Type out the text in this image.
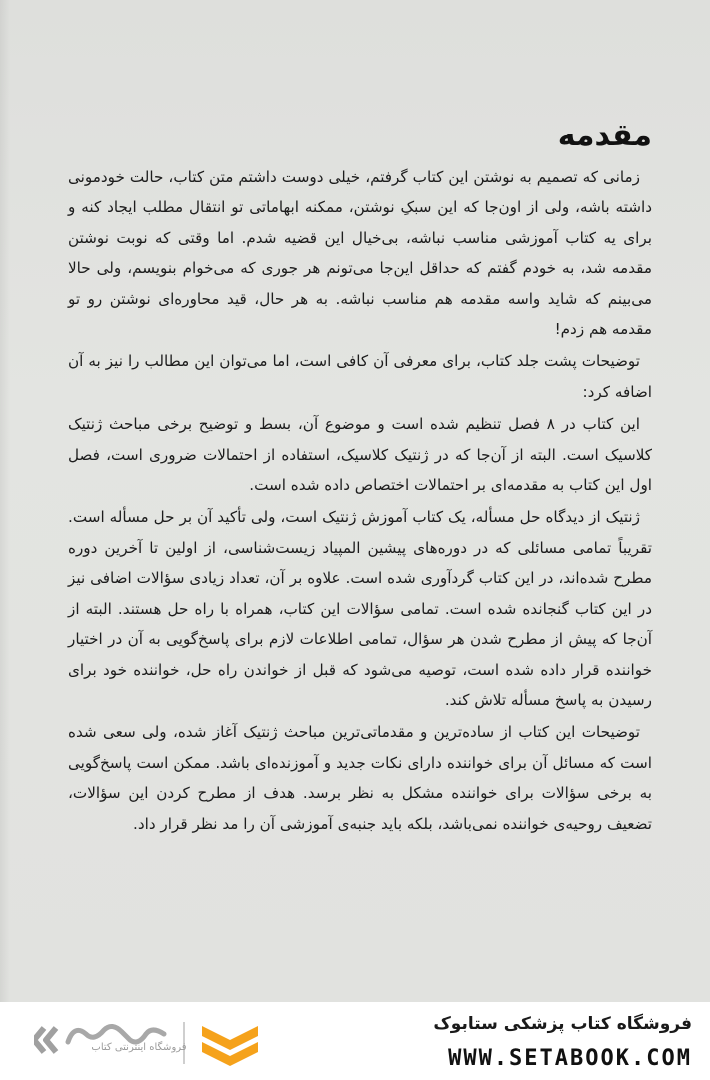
مقدمه

زمانی که تصمیم به نوشتن این کتاب گرفتم، خیلی دوست داشتم متن کتاب، حالت خودمونی داشته باشه، ولی از اون‌جا که این سبکِ نوشتن، ممکنه ابهاماتی تو انتقال مطلب ایجاد کنه و برای یه کتاب آموزشی مناسب نباشه، بی‌خیال این قضیه شدم. اما وقتی که نوبت نوشتن مقدمه شد، به خودم گفتم که حداقل این‌جا می‌تونم هر جوری که می‌خوام بنویسم، ولی حالا می‌بینم که شاید واسه مقدمه هم مناسب نباشه. به هر حال، قید محاوره‌ای نوشتن رو تو مقدمه هم زدم!

توضیحات پشت جلد کتاب، برای معرفی آن کافی است، اما می‌توان این مطالب را نیز به آن اضافه کرد:

این کتاب در ۸ فصل تنظیم شده است و موضوع آن، بسط و توضیح برخی مباحث ژنتیک کلاسیک است. البته از آن‌جا که در ژنتیک کلاسیک، استفاده از احتمالات ضروری است، فصل اول این کتاب به مقدمه‌ای بر احتمالات اختصاص داده شده است.

ژنتیک از دیدگاه حل مسأله، یک کتاب آموزش ژنتیک است، ولی تأکید آن بر حل مسأله است. تقریباً تمامی مسائلی که در دوره‌های پیشین المپیاد زیست‌شناسی، از اولین تا آخرین دوره مطرح شده‌اند، در این کتاب گردآوری شده است. علاوه بر آن، تعداد زیادی سؤالات اضافی نیز در این کتاب گنجانده شده است. تمامی سؤالات این کتاب، همراه با راه حل هستند. البته از آن‌جا که پیش از مطرح شدن هر سؤال، تمامی اطلاعات لازم برای پاسخ‌گویی به آن در اختیار خواننده قرار داده شده است، توصیه می‌شود که قبل از خواندن راه حل، خواننده خود برای رسیدن به پاسخ مسأله تلاش کند.

توضیحات این کتاب از ساده‌ترین و مقدماتی‌ترین مباحث ژنتیک آغاز شده، ولی سعی شده است که مسائل آن برای خواننده دارای نکات جدید و آموزنده‌ای باشد. ممکن است پاسخ‌گویی به برخی سؤالات برای خواننده مشکل به نظر برسد. هدف از مطرح کردن این سؤالات، تضعیف روحیه‌ی خواننده نمی‌باشد، بلکه باید جنبه‌ی آموزشی آن را مد نظر قرار داد.

فروشگاه اینترنتی کتاب
فروشگاه کتاب پزشکی ستابوک
WWW.SETABOOK.COM
